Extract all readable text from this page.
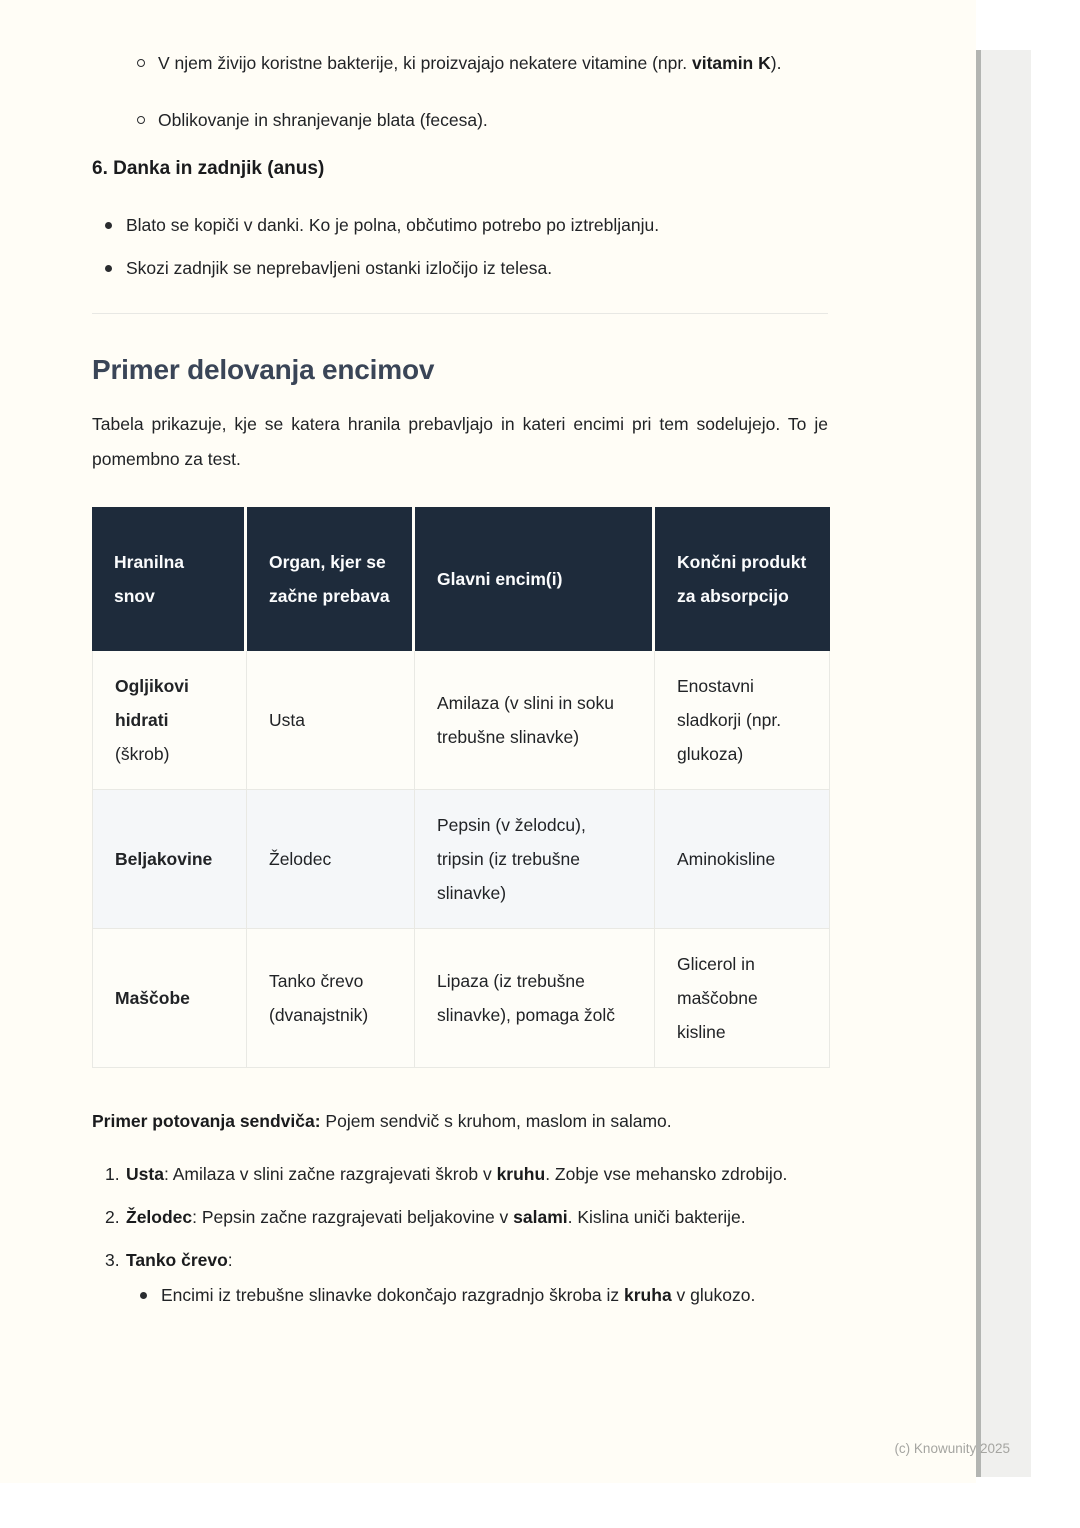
V njem živijo koristne bakterije, ki proizvajajo nekatere vitamine (npr. vitamin K).
Oblikovanje in shranjevanje blata (fecesa).
6. Danka in zadnjik (anus)
Blato se kopiči v danki. Ko je polna, občutimo potrebo po iztrebljanju.
Skozi zadnjik se neprebavljeni ostanki izločijo iz telesa.
Primer delovanja encimov

Tabela prikazuje, kje se katera hranila prebavljajo in kateri encimi pri tem sodelujejo. To je pomembno za test.

Hranilna snov	Organ, kjer se začne prebava	Glavni encim(i)	Končni produkt za absorpcijo
Ogljikovi hidrati (škrob)	Usta	Amilaza (v slini in soku trebušne slinavke)	Enostavni sladkorji (npr. glukoza)
Beljakovine	Želodec	Pepsin (v želodcu), tripsin (iz trebušne slinavke)	Aminokisline
Maščobe	Tanko črevo (dvanajstnik)	Lipaza (iz trebušne slinavke), pomaga žolč	Glicerol in maščobne kisline

Primer potovanja sendviča: Pojem sendvič s kruhom, maslom in salamo.

1. Usta: Amilaza v slini začne razgrajevati škrob v kruhu. Zobje vse mehansko zdrobijo.
2. Želodec: Pepsin začne razgrajevati beljakovine v salami. Kislina uniči bakterije.
3. Tanko črevo:
Encimi iz trebušne slinavke dokončajo razgradnjo škroba iz kruha v glukozo.
(c) Knowunity 2025
